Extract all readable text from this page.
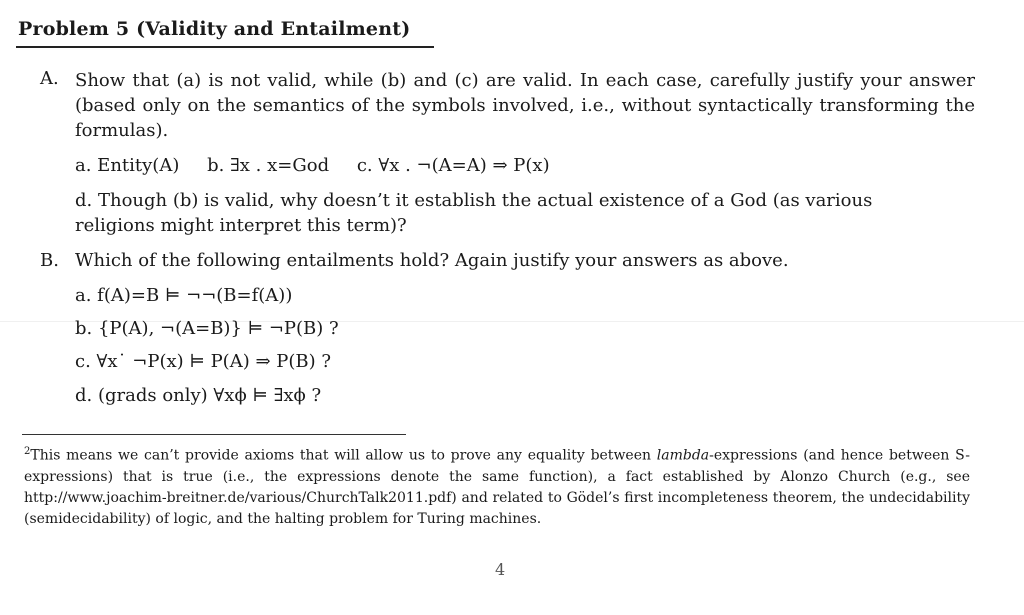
Problem 5 (Validity and Entailment)
A. Show that (a) is not valid, while (b) and (c) are valid. In each case, carefully justify your answer (based only on the semantics of the symbols involved, i.e., without syntactically transforming the formulas).
a. Entity(A) b. ∃x . x=God c. ∀x . ¬(A=A) ⇒ P(x)
d. Though (b) is valid, why doesn’t it establish the actual existence of a God (as various
religions might interpret this term)?
B. Which of the following entailments hold? Again justify your answers as above.
a. f(A)=B ⊨ ¬¬(B=f(A))
b. {P(A), ¬(A=B)} ⊨ ¬P(B) ?
c. ∀x˙ ¬P(x) ⊨ P(A) ⇒ P(B) ?
d. (grads only) ∀xϕ ⊨ ∃xϕ ?
$^2$This means we can’t provide axioms that will allow us to prove any equality between lambda-expressions (and hence between S-expressions) that is true (i.e., the expressions denote the same function), a fact established by Alonzo Church (e.g., see http://www.joachim-breitner.de/various/ChurchTalk2011.pdf) and related to Gödel’s first incompleteness theorem, the undecidability (semidecidability) of logic, and the halting problem for Turing machines.
4
